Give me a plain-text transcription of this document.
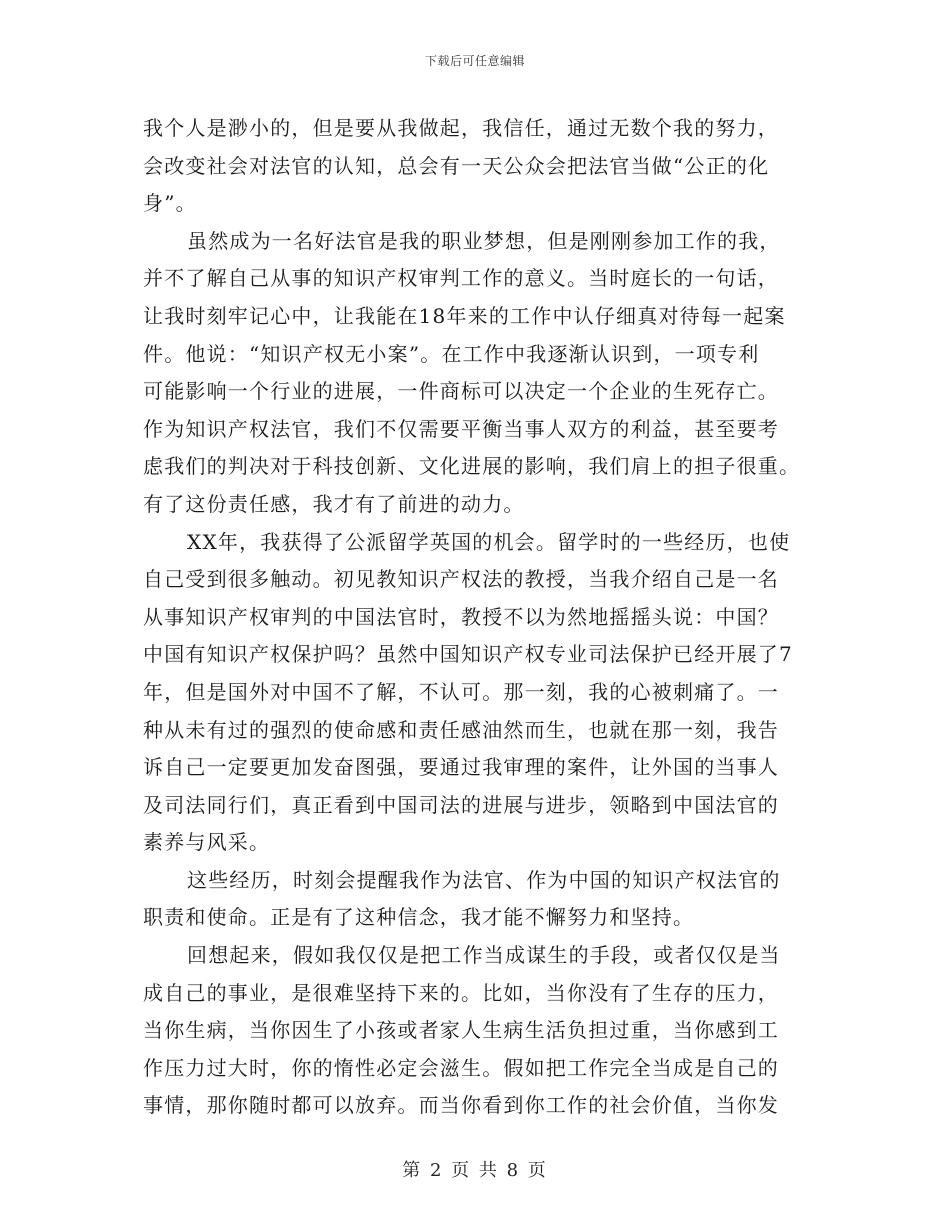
下载后可任意编辑
我个人是渺小的，但是要从我做起，我信任，通过无数个我的努力，
会改变社会对法官的认知，总会有一天公众会把法官当做“公正的化
身”。
虽然成为一名好法官是我的职业梦想，但是刚刚参加工作的我，
并不了解自己从事的知识产权审判工作的意义。当时庭长的一句话，
让我时刻牢记心中，让我能在18年来的工作中认仔细真对待每一起案
件。他说：“知识产权无小案”。在工作中我逐渐认识到，一项专利
可能影响一个行业的进展，一件商标可以决定一个企业的生死存亡。
作为知识产权法官，我们不仅需要平衡当事人双方的利益，甚至要考
虑我们的判决对于科技创新、文化进展的影响，我们肩上的担子很重。
有了这份责任感，我才有了前进的动力。
XX年，我获得了公派留学英国的机会。留学时的一些经历，也使
自己受到很多触动。初见教知识产权法的教授，当我介绍自己是一名
从事知识产权审判的中国法官时，教授不以为然地摇摇头说：中国？
中国有知识产权保护吗？虽然中国知识产权专业司法保护已经开展了7
年，但是国外对中国不了解，不认可。那一刻，我的心被刺痛了。一
种从未有过的强烈的使命感和责任感油然而生，也就在那一刻，我告
诉自己一定要更加发奋图强，要通过我审理的案件，让外国的当事人
及司法同行们，真正看到中国司法的进展与进步，领略到中国法官的
素养与风采。
这些经历，时刻会提醒我作为法官、作为中国的知识产权法官的
职责和使命。正是有了这种信念，我才能不懈努力和坚持。
回想起来，假如我仅仅是把工作当成谋生的手段，或者仅仅是当
成自己的事业，是很难坚持下来的。比如，当你没有了生存的压力，
当你生病，当你因生了小孩或者家人生病生活负担过重，当你感到工
作压力过大时，你的惰性必定会滋生。假如把工作完全当成是自己的
事情，那你随时都可以放弃。而当你看到你工作的社会价值，当你发
第 2 页 共 8 页
